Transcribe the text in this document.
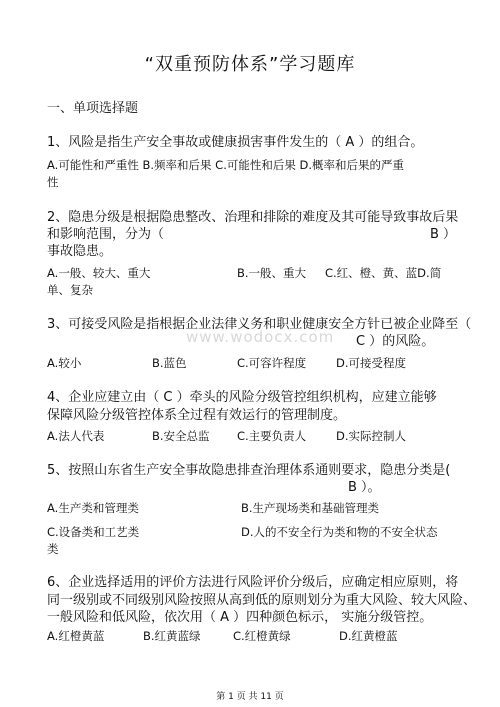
www.wodocx.com
“双重预防体系”学习题库
一、单项选择题
1、风险是指生产安全事故或健康损害事件发生的（ A ）的组合。
A.可能性和严重性 B.频率和后果 C.可能性和后果 D.概率和后果的严重
性
2、隐患分级是根据隐患整改、治理和排除的难度及其可能导致事故后果
和影响范围，分为（	B ）
事故隐患。
A.一般、较大、重大	B.一般、重大 C.红、橙、黄、蓝D.简
单、复杂
3、可接受风险是指根据企业法律义务和职业健康安全方针已被企业降至（
C ）的风险。
A.较小	B.蓝色	C.可容许程度	D.可接受程度
4、企业应建立由（ C ）牵头的风险分级管控组织机构，应建立能够
保障风险分级管控体系全过程有效运行的管理制度。
A.法人代表	B.安全总监 C.主要负责人	D.实际控制人
5、按照山东省生产安全事故隐患排查治理体系通则要求，隐患分类是(
B ）。
A.生产类和管理类	B.生产现场类和基础管理类
C.设备类和工艺类	D.人的不安全行为类和物的不安全状态
类
6、企业选择适用的评价方法进行风险评价分级后，应确定相应原则，将
同一级别或不同级别风险按照从高到低的原则划分为重大风险、较大风险、
一般风险和低风险，依次用（ A ）四种颜色标示， 实施分级管控。
A.红橙黄蓝	B.红黄蓝绿	C.红橙黄绿	D.红黄橙蓝
第 1 页 共 11 页
